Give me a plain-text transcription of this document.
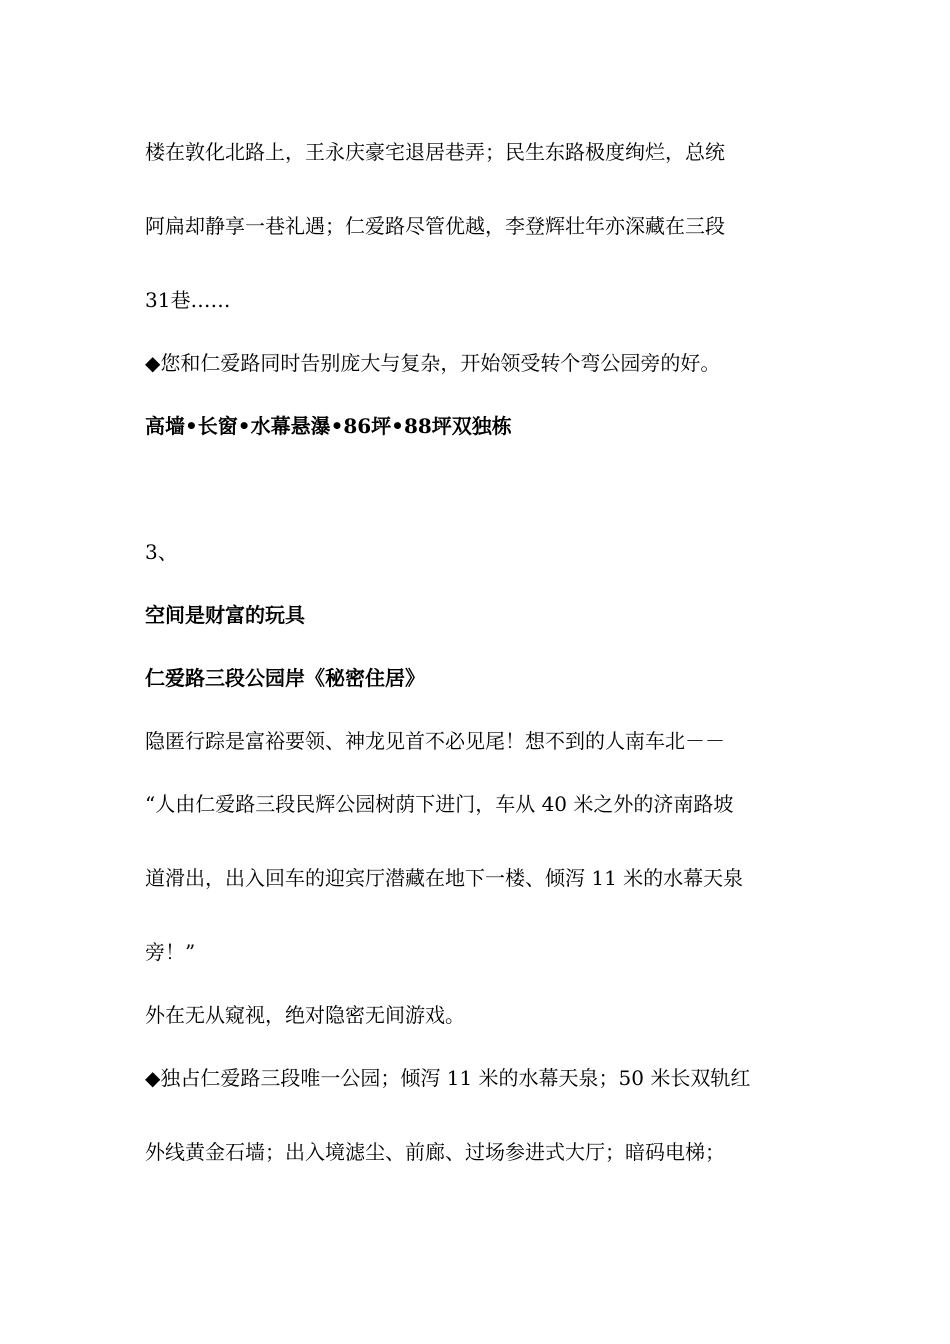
楼在敦化北路上，王永庆豪宅退居巷弄；民生东路极度绚烂，总统
阿扁却静享一巷礼遇；仁爱路尽管优越，李登辉壮年亦深藏在三段
31巷……
◆您和仁爱路同时告别庞大与复杂，开始领受转个弯公园旁的好。
高墙•长窗•水幕悬瀑•86坪•88坪双独栋
3、
空间是财富的玩具
仁爱路三段公园岸《秘密住居》
隐匿行踪是富裕要领、神龙见首不必见尾！想不到的人南车北－－
“人由仁爱路三段民辉公园树荫下进门，车从 40 米之外的济南路坡
道滑出，出入回车的迎宾厅潜藏在地下一楼、倾泻 11 米的水幕天泉
旁！”
外在无从窥视，绝对隐密无间游戏。
◆独占仁爱路三段唯一公园；倾泻 11 米的水幕天泉；50 米长双轨红
外线黄金石墙；出入境滤尘、前廊、过场参进式大厅；暗码电梯；
